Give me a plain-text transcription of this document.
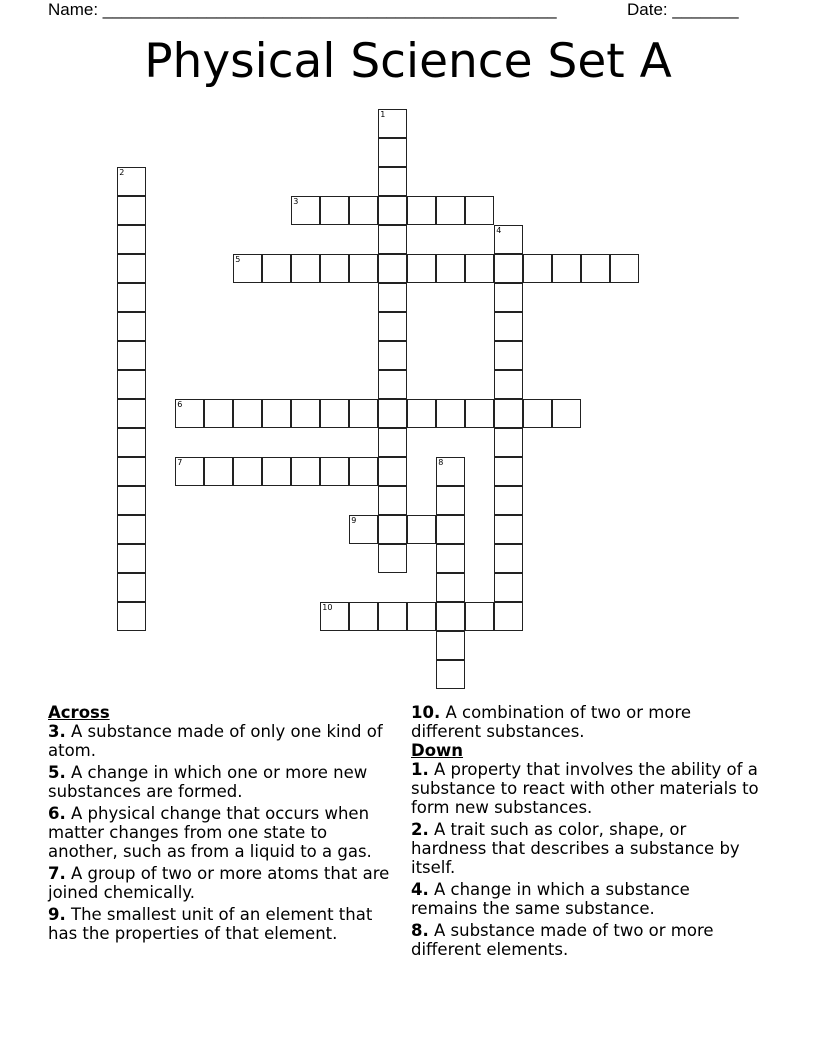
Name: ________________________________________________	Date: _______
Physical Science Set A
1
2
3
4
5
6
7	8
9
10
Across
3. A substance made of only one kind of atom.
5. A change in which one or more new substances are formed.
6. A physical change that occurs when matter changes from one state to another, such as from a liquid to a gas.
7. A group of two or more atoms that are joined chemically.
9. The smallest unit of an element that has the properties of that element.
10. A combination of two or more different substances.
Down
1. A property that involves the ability of a substance to react with other materials to form new substances.
2. A trait such as color, shape, or hardness that describes a substance by itself.
4. A change in which a substance remains the same substance.
8. A substance made of two or more different elements.
